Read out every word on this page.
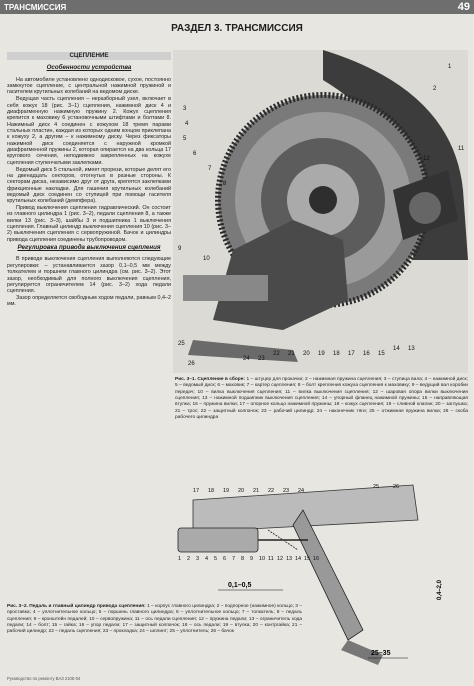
ТРАНСМИССИЯ	49
РАЗДЕЛ 3. ТРАНСМИССИЯ
СЦЕПЛЕНИЕ
Особенности устройства

На автомобиле установлено однодисковое, сухое, постоянно замкнутое сцепление, с центральной нажимной пружиной и гасителем крутильных колебаний на ведомом диске.

Ведущая часть сцепления – неразборный узел, включает в себя кожух 18 (рис. 3–1) сцепления, нажимной диск 4 и диафрагменную нажимную пружину 2. Кожух сцепления крепится к маховику 6 установочными штифтами и болтами 8. Нажимный диск 4 соединен с кожухом 18 тремя парами стальных пластин, каждая из которых одним концом приклепана к кожуху 2, а другим – к нажимному диску. Через фиксаторы нажимной диск соединяется с наружной кромкой диафрагменной пружины 2, которая опирается на два кольца 17 кругового сечения, неподвижно закрепленных на кожухе сцепления ступенчатыми заклепками.

Ведомый диск 5 стальной, имеет прорези, которые делят его на двенадцать секторов, отогнутых в разные стороны. К секторам диска, независимо друг от друга, крепятся заклепками фрикционные накладки. Для гашения крутильных колебаний ведомый диск соединен со ступицей при помощи гасителя крутильных колебаний (демпфера).

Привод выключения сцепления гидравлический. Он состоит из главного цилиндра 1 (рис. 3–2), педали сцепления 8, а также вилки 13 (рис. 3–3), шайбы 3 и подшипника 1 выключения сцепления. Главный цилиндр выключения сцепления 10 (рис. 3–2) выключения сцепления с сервопружиной. Бачок и цилиндры привода сцепления соединены трубопроводом.

Регулировка привода выключения сцепления

В приводе выключения сцепления выполняются следующие регулировки: – устанавливается зазор 0,1–0,5 мм между толкателем и поршнем главного цилиндра (см. рис. 3–2). Этот зазор, необходимый для полного выключения сцепления, регулируется ограничителем 14 (рис. 3–2) хода педали сцепления.

Зазор определяется свободным ходом педали, равным 0,4–2 мм.

1
2
3
4
5
6
7
8
9
10
11
12
13
14
15
16
17
18
19
20
21
22
23
24
25
26
Рис. 3–1. Сцепление в сборе: 1 – штуцер для прокачки; 2 – нажимная пружина сцепления; 3 – ступица вала; 4 – нажимной диск; 5 – ведомый диск; 6 – маховик; 7 – картер сцепления; 8 – болт крепления кожуха сцепления к маховику; 9 – ведущий вал коробки передач; 10 – вилка выключения сцепления; 11 – вилка выключения сцепления; 12 – шаровая опора вилки выключения сцепления; 13 – нажимной подшипник выключения сцепления; 14 – упорный фланец нажимной пружины; 15 – направляющая втулка; 16 – пружина вилки; 17 – опорное кольцо нажимной пружины; 18 – кожух сцепления; 19 – сливной клапан; 20 – заглушка; 21 – трос; 22 – защитный колпачок; 23 – рабочий цилиндр; 24 – наконечник тяги; 25 – отжимная пружина вилки; 26 – скоба рабочего цилиндра
0,1–0,5
25–35
0,4–2,0
1 2 3 4 5 6 7 8 9 10 11 12 13 14 15 16
17 18 19 20 21 22 23 24
25	26
Рис. 3–2. Педаль и главный цилиндр привода сцепления: 1 – корпус главного цилиндра; 2 – подпорное (нажимное) кольцо; 3 – проставка; 4 – уплотнительное кольцо; 5 – поршень главного цилиндра; 6 – уплотнительное кольцо; 7 – толкатель; 8 – педаль сцепления; 9 – кронштейн педалей; 10 – сервопружина; 11 – ось педали сцепления; 12 – пружина педали; 13 – ограничитель хода педали; 14 – болт; 15 – гайка; 16 – упор педали; 17 – защитный колпачок; 18 – ось педали; 19 – втулка; 20 – контргайка; 21 – рабочий цилиндр; 22 – педаль сцепления; 23 – прокладка; 24 – шплинт; 25 – уплотнитель; 26 – бачок
Руководство по ремонту ВАЗ 2105-04
